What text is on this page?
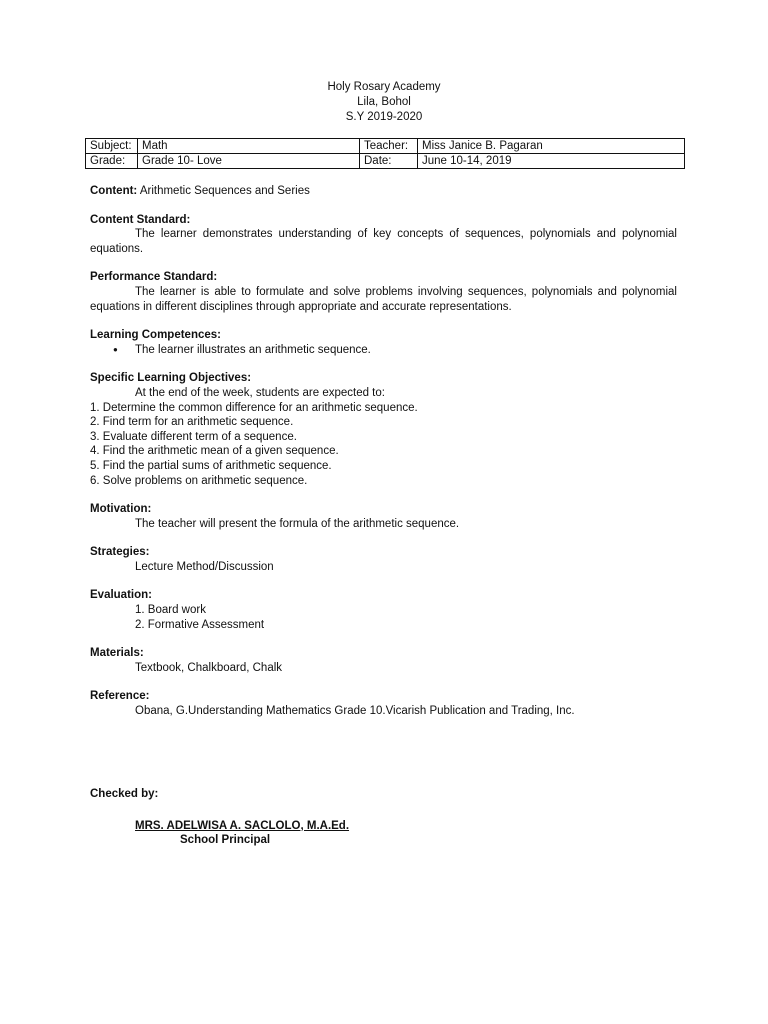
Holy Rosary Academy
Lila, Bohol
S.Y 2019-2020
Subject:	Math	Teacher:	Miss Janice B. Pagaran
Grade:	Grade 10- Love	Date:	June 10-14, 2019
Content: Arithmetic Sequences and Series
Content Standard:
The learner demonstrates understanding of key concepts of sequences, polynomials and polynomial equations.
Performance Standard:
The learner is able to formulate and solve problems involving sequences, polynomials and polynomial equations in different disciplines through appropriate and accurate representations.
Learning Competences:
● The learner illustrates an arithmetic sequence.
Specific Learning Objectives:
At the end of the week, students are expected to:
1. Determine the common difference for an arithmetic sequence.
2. Find term for an arithmetic sequence.
3. Evaluate different term of a sequence.
4. Find the arithmetic mean of a given sequence.
5. Find the partial sums of arithmetic sequence.
6. Solve problems on arithmetic sequence.
Motivation:
The teacher will present the formula of the arithmetic sequence.
Strategies:
Lecture Method/Discussion
Evaluation:
1. Board work
2. Formative Assessment
Materials:
Textbook, Chalkboard, Chalk
Reference:
Obana, G.Understanding Mathematics Grade 10.Vicarish Publication and Trading, Inc.
Checked by:
MRS. ADELWISA A. SACLOLO, M.A.Ed.
School Principal
